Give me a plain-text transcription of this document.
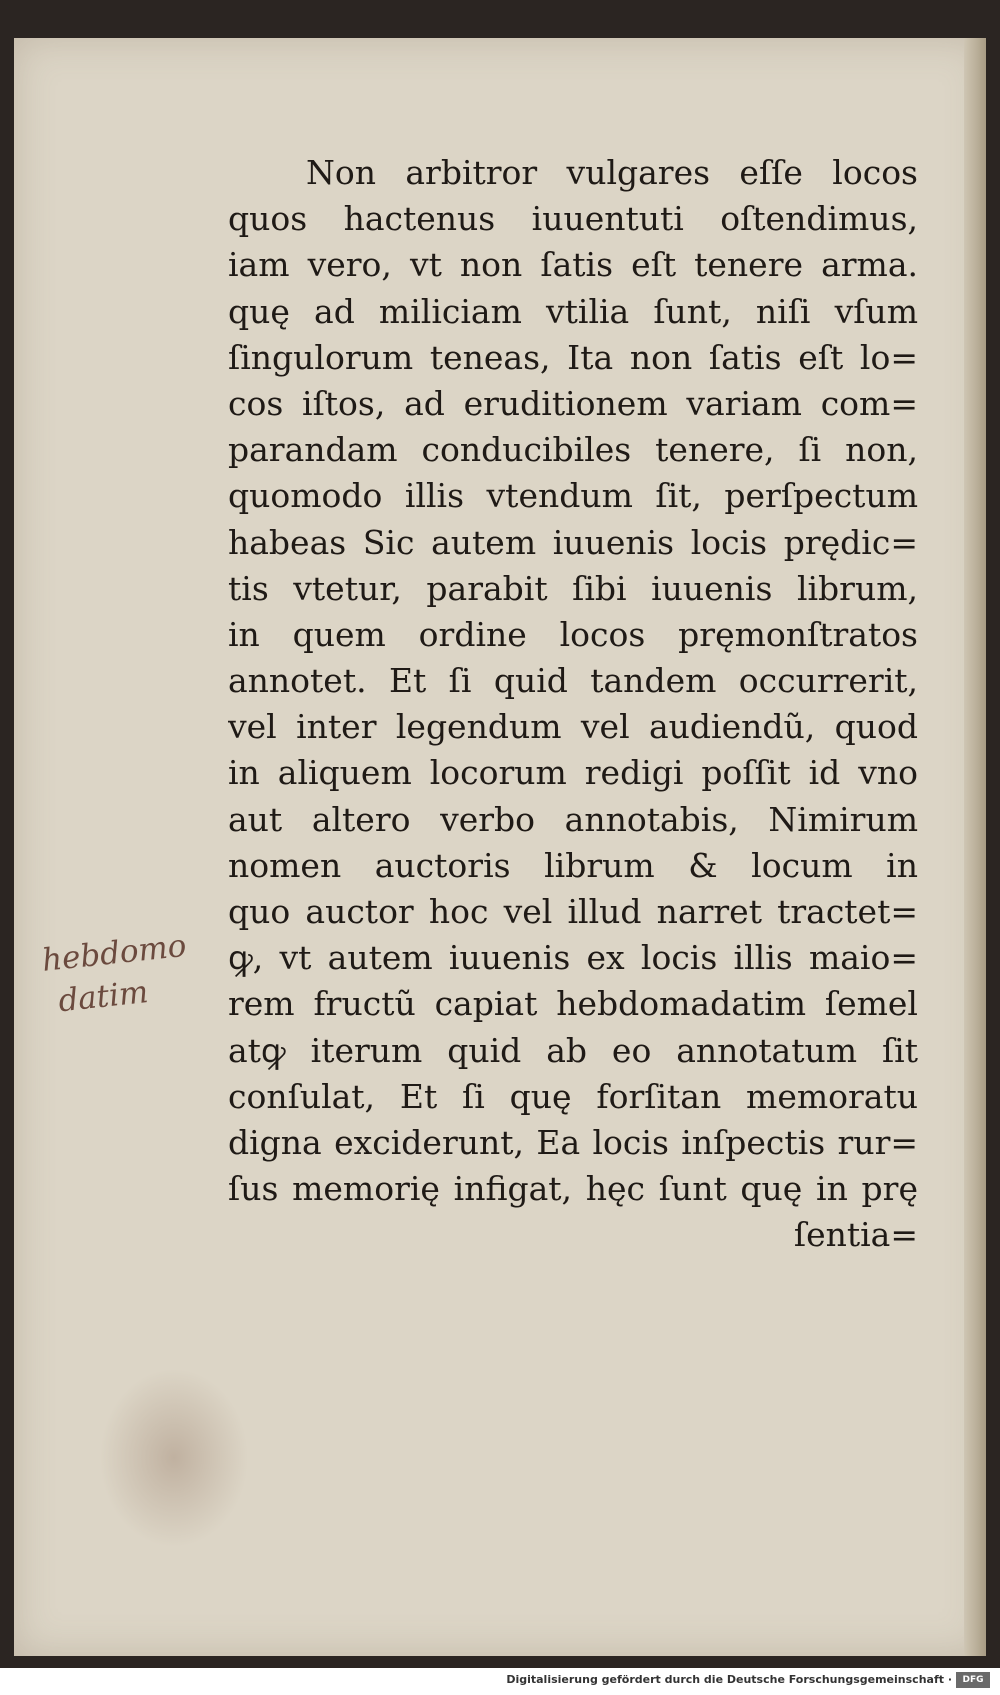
Non arbitror vulgares eſſe locos
quos hactenus iuuentuti oſtendimus,
iam vero, vt non ſatis eſt tenere arma.
quę ad miliciam vtilia ſunt, niſi vſum
ſingulorum teneas, Ita non ſatis eſt lo=
cos iſtos, ad eruditionem variam com=
parandam conducibiles tenere, ſi non,
quomodo illis vtendum ſit, perſpectum
habeas Sic autem iuuenis locis prędic=
tis vtetur, parabit ſibi iuuenis librum,
in quem ordine locos pręmonſtratos
annotet. Et ſi quid tandem occurrerit,
vel inter legendum vel audiendũ, quod
in aliquem locorum redigi poſſit id vno
aut altero verbo annotabis, Nimirum
nomen auctoris librum & locum in
quo auctor hoc vel illud narret tractet=
ꝙ, vt autem iuuenis ex locis illis maio=
rem fructũ capiat hebdomadatim ſemel
atꝙ iterum quid ab eo annotatum ſit
conſulat, Et ſi quę forſitan memoratu
digna exciderunt, Ea locis inſpectis rur=
ſus memorię infigat, hęc ſunt quę in prę
ſentia=
hebdomo
datim
Digitalisierung gefördert durch die Deutsche Forschungsgemeinschaft ·	DFG
